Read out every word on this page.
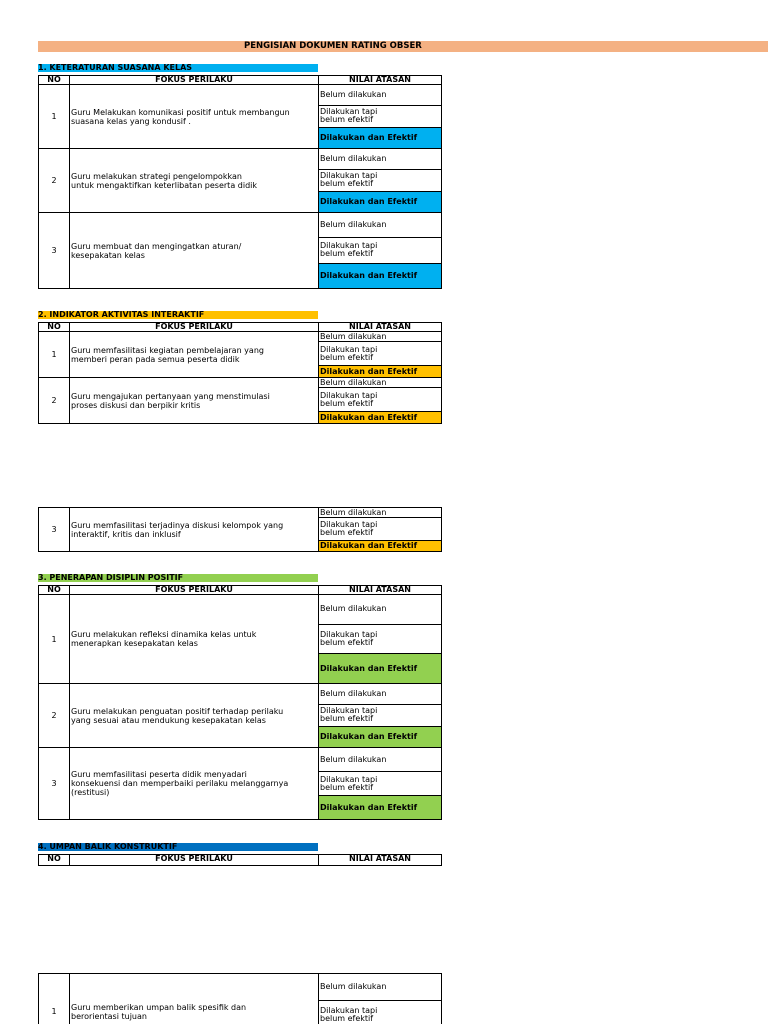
PENGISIAN DOKUMEN RATING OBSER
1. KETERATURAN SUASANA KELAS
NO	FOKUS PERILAKU	NILAI ATASAN
1	Guru Melakukan komunikasi positif untuk membangun
suasana kelas yang kondusif .
Belum dilakukan
Dilakukan tapi
belum efektif
Dilakukan dan Efektif
2	Guru melakukan strategi pengelompokkan
untuk mengaktifkan keterlibatan peserta didik
Belum dilakukan
Dilakukan tapi
belum efektif
Dilakukan dan Efektif
3	Guru membuat dan mengingatkan aturan/
kesepakatan kelas
Belum dilakukan
Dilakukan tapi
belum efektif
Dilakukan dan Efektif
2. INDIKATOR AKTIVITAS INTERAKTIF
NO	FOKUS PERILAKU	NILAI ATASAN
1	Guru memfasilitasi kegiatan pembelajaran yang
memberi peran pada semua peserta didik
Belum dilakukan
Dilakukan tapi
belum efektif
Dilakukan dan Efektif
2	Guru mengajukan pertanyaan yang menstimulasi
proses diskusi dan berpikir kritis
Belum dilakukan
Dilakukan tapi
belum efektif
Dilakukan dan Efektif
3	Guru memfasilitasi terjadinya diskusi kelompok yang
interaktif, kritis dan inklusif
Belum dilakukan
Dilakukan tapi
belum efektif
Dilakukan dan Efektif
3. PENERAPAN DISIPLIN POSITIF
NO	FOKUS PERILAKU	NILAI ATASAN
1	Guru melakukan refleksi dinamika kelas untuk
menerapkan kesepakatan kelas
Belum dilakukan
Dilakukan tapi
belum efektif
Dilakukan dan Efektif
2	Guru melakukan penguatan positif terhadap perilaku
yang sesuai atau mendukung kesepakatan kelas
Belum dilakukan
Dilakukan tapi
belum efektif
Dilakukan dan Efektif
3
Guru memfasilitasi peserta didik menyadari
konsekuensi dan memperbaiki perilaku melanggarnya
(restitusi)
Belum dilakukan
Dilakukan tapi
belum efektif
Dilakukan dan Efektif
4. UMPAN BALIK KONSTRUKTIF
NO	FOKUS PERILAKU	NILAI ATASAN
1	Guru memberikan umpan balik spesifik dan
berorientasi tujuan
Belum dilakukan
Dilakukan tapi
belum efektif
